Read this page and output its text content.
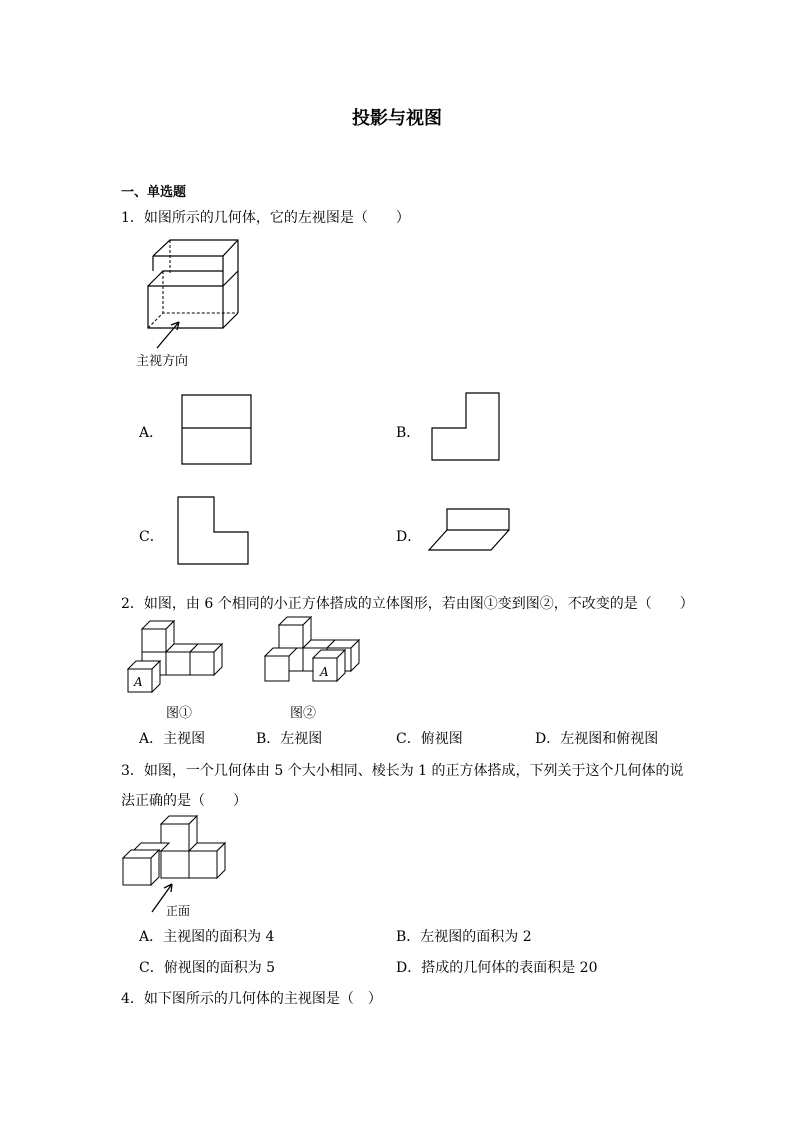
投影与视图
一、单选题
1．如图所示的几何体，它的左视图是（　　）
主视方向
A．	B．
C．	D．
2．如图，由 6 个相同的小正方体搭成的立体图形，若由图①变到图②，不改变的是（　　）
A
图①
A
图②
A．主视图	B．左视图	C．俯视图	D．左视图和俯视图
3．如图，一个几何体由 5 个大小相同、棱长为 1 的正方体搭成，下列关于这个几何体的说
法正确的是（　　）
正面
A．主视图的面积为 4	B．左视图的面积为 2
C．俯视图的面积为 5	D．搭成的几何体的表面积是 20
4．如下图所示的几何体的主视图是（　）
